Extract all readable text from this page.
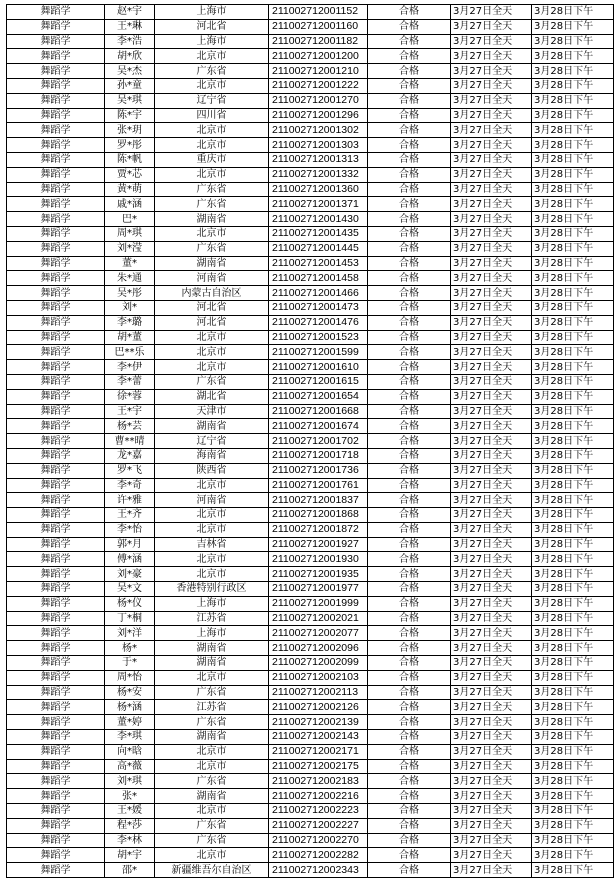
舞蹈学	赵*宇	上海市	211002712001152	合格	3月27日全天	3月28日下午
舞蹈学	王*琳	河北省	211002712001160	合格	3月27日全天	3月28日下午
舞蹈学	李*浩	上海市	211002712001182	合格	3月27日全天	3月28日下午
舞蹈学	胡*欣	北京市	211002712001200	合格	3月27日全天	3月28日下午
舞蹈学	吴*杰	广东省	211002712001210	合格	3月27日全天	3月28日下午
舞蹈学	孙*童	北京市	211002712001222	合格	3月27日全天	3月28日下午
舞蹈学	吴*琪	辽宁省	211002712001270	合格	3月27日全天	3月28日下午
舞蹈学	陈*宇	四川省	211002712001296	合格	3月27日全天	3月28日下午
舞蹈学	张*玥	北京市	211002712001302	合格	3月27日全天	3月28日下午
舞蹈学	罗*彤	北京市	211002712001303	合格	3月27日全天	3月28日下午
舞蹈学	陈*帆	重庆市	211002712001313	合格	3月27日全天	3月28日下午
舞蹈学	贾*芯	北京市	211002712001332	合格	3月27日全天	3月28日下午
舞蹈学	黄*萌	广东省	211002712001360	合格	3月27日全天	3月28日下午
舞蹈学	戚*涵	广东省	211002712001371	合格	3月27日全天	3月28日下午
舞蹈学	巴*	湖南省	211002712001430	合格	3月27日全天	3月28日下午
舞蹈学	周*琪	北京市	211002712001435	合格	3月27日全天	3月28日下午
舞蹈学	刘*滢	广东省	211002712001445	合格	3月27日全天	3月28日下午
舞蹈学	董*	湖南省	211002712001453	合格	3月27日全天	3月28日下午
舞蹈学	朱*通	河南省	211002712001458	合格	3月27日全天	3月28日下午
舞蹈学	吴*彤	内蒙古自治区	211002712001466	合格	3月27日全天	3月28日下午
舞蹈学	刘*	河北省	211002712001473	合格	3月27日全天	3月28日下午
舞蹈学	李*璐	河北省	211002712001476	合格	3月27日全天	3月28日下午
舞蹈学	胡*董	北京市	211002712001523	合格	3月27日全天	3月28日下午
舞蹈学	巴**乐	北京市	211002712001599	合格	3月27日全天	3月28日下午
舞蹈学	李*伊	北京市	211002712001610	合格	3月27日全天	3月28日下午
舞蹈学	李*蕾	广东省	211002712001615	合格	3月27日全天	3月28日下午
舞蹈学	徐*蓉	湖北省	211002712001654	合格	3月27日全天	3月28日下午
舞蹈学	王*宇	天津市	211002712001668	合格	3月27日全天	3月28日下午
舞蹈学	杨*芸	湖南省	211002712001674	合格	3月27日全天	3月28日下午
舞蹈学	曹**晴	辽宁省	211002712001702	合格	3月27日全天	3月28日下午
舞蹈学	龙*嘉	海南省	211002712001718	合格	3月27日全天	3月28日下午
舞蹈学	罗*飞	陕西省	211002712001736	合格	3月27日全天	3月28日下午
舞蹈学	李*奇	北京市	211002712001761	合格	3月27日全天	3月28日下午
舞蹈学	许*雅	河南省	211002712001837	合格	3月27日全天	3月28日下午
舞蹈学	王*齐	北京市	211002712001868	合格	3月27日全天	3月28日下午
舞蹈学	李*怡	北京市	211002712001872	合格	3月27日全天	3月28日下午
舞蹈学	郭*月	吉林省	211002712001927	合格	3月27日全天	3月28日下午
舞蹈学	傅*涵	北京市	211002712001930	合格	3月27日全天	3月28日下午
舞蹈学	刘*豪	北京市	211002712001935	合格	3月27日全天	3月28日下午
舞蹈学	吴*文	香港特别行政区	211002712001977	合格	3月27日全天	3月28日下午
舞蹈学	杨*仪	上海市	211002712001999	合格	3月27日全天	3月28日下午
舞蹈学	丁*桐	江苏省	211002712002021	合格	3月27日全天	3月28日下午
舞蹈学	刘*洋	上海市	211002712002077	合格	3月27日全天	3月28日下午
舞蹈学	杨*	湖南省	211002712002096	合格	3月27日全天	3月28日下午
舞蹈学	于*	湖南省	211002712002099	合格	3月27日全天	3月28日下午
舞蹈学	周*怡	北京市	211002712002103	合格	3月27日全天	3月28日下午
舞蹈学	杨*安	广东省	211002712002113	合格	3月27日全天	3月28日下午
舞蹈学	杨*涵	江苏省	211002712002126	合格	3月27日全天	3月28日下午
舞蹈学	董*婷	广东省	211002712002139	合格	3月27日全天	3月28日下午
舞蹈学	李*琪	湖南省	211002712002143	合格	3月27日全天	3月28日下午
舞蹈学	向*晗	北京市	211002712002171	合格	3月27日全天	3月28日下午
舞蹈学	高*薇	北京市	211002712002175	合格	3月27日全天	3月28日下午
舞蹈学	刘*琪	广东省	211002712002183	合格	3月27日全天	3月28日下午
舞蹈学	张*	湖南省	211002712002216	合格	3月27日全天	3月28日下午
舞蹈学	王*媛	北京市	211002712002223	合格	3月27日全天	3月28日下午
舞蹈学	程*莎	广东省	211002712002227	合格	3月27日全天	3月28日下午
舞蹈学	李*林	广东省	211002712002270	合格	3月27日全天	3月28日下午
舞蹈学	胡*宇	北京市	211002712002282	合格	3月27日全天	3月28日下午
舞蹈学	邵*	新疆维吾尔自治区	211002712002343	合格	3月27日全天	3月28日下午
